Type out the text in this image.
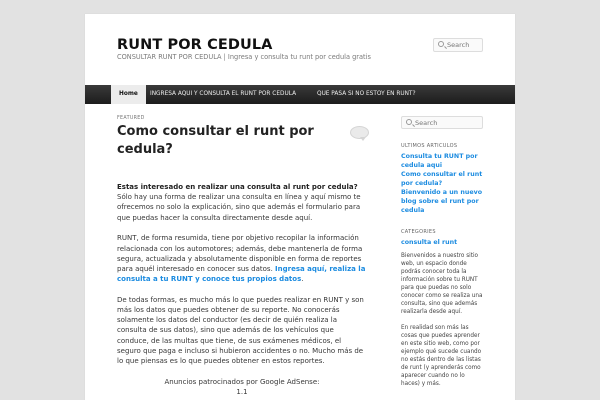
RUNT POR CEDULA
CONSULTAR RUNT POR CEDULA | Ingresa y consulta tu runt por cedula gratis
Search
Home	INGRESA AQUI Y CONSULTA EL RUNT POR CEDULA	QUE PASA SI NO ESTOY EN RUNT?
FEATURED
Como consultar el runt por cedula?

Estas interesado en realizar una consulta al runt por cedula? Sólo hay una forma de realizar una consulta en línea y aquí mismo te ofrecemos no solo la explicación, sino que además el formulario para que puedas hacer la consulta directamente desde aquí.

RUNT, de forma resumida, tiene por objetivo recopilar la información relacionada con los automotores; además, debe mantenerla de forma segura, actualizada y absolutamente disponible en forma de reportes para aquél interesado en conocer sus datos. Ingresa aquí, realiza la consulta a tu RUNT y conoce tus propios datos.

De todas formas, es mucho más lo que puedes realizar en RUNT y son más los datos que puedes obtener de su reporte. No conocerás solamente los datos del conductor (es decir de quién realiza la consulta de sus datos), sino que además de los vehículos que conduce, de las multas que tiene, de sus exámenes médicos, el seguro que paga e incluso si hubieron accidentes o no. Mucho más de lo que piensas es lo que puedes obtener en estos reportes.

Anuncios patrocinados por Google AdSense:

1.1

Search
ULTIMOS ARTICULOS
Consulta tu RUNT por cedula aqui
Como consultar el runt por cedula?
Bienvenido a un nuevo blog sobre el runt por cedula
CATEGORIES
consulta el runt

Bienvenidos a nuestro sitio web, un espacio donde podrás conocer toda la información sobre tu RUNT para que puedas no solo conocer como se realiza una consulta, sino que además realizarla desde aquí.

En realidad son más las cosas que puedes aprender en este sitio web, como por ejemplo qué sucede cuando no estás dentro de las listas de runt (y aprenderás como aparecer cuando no lo haces) y más.
